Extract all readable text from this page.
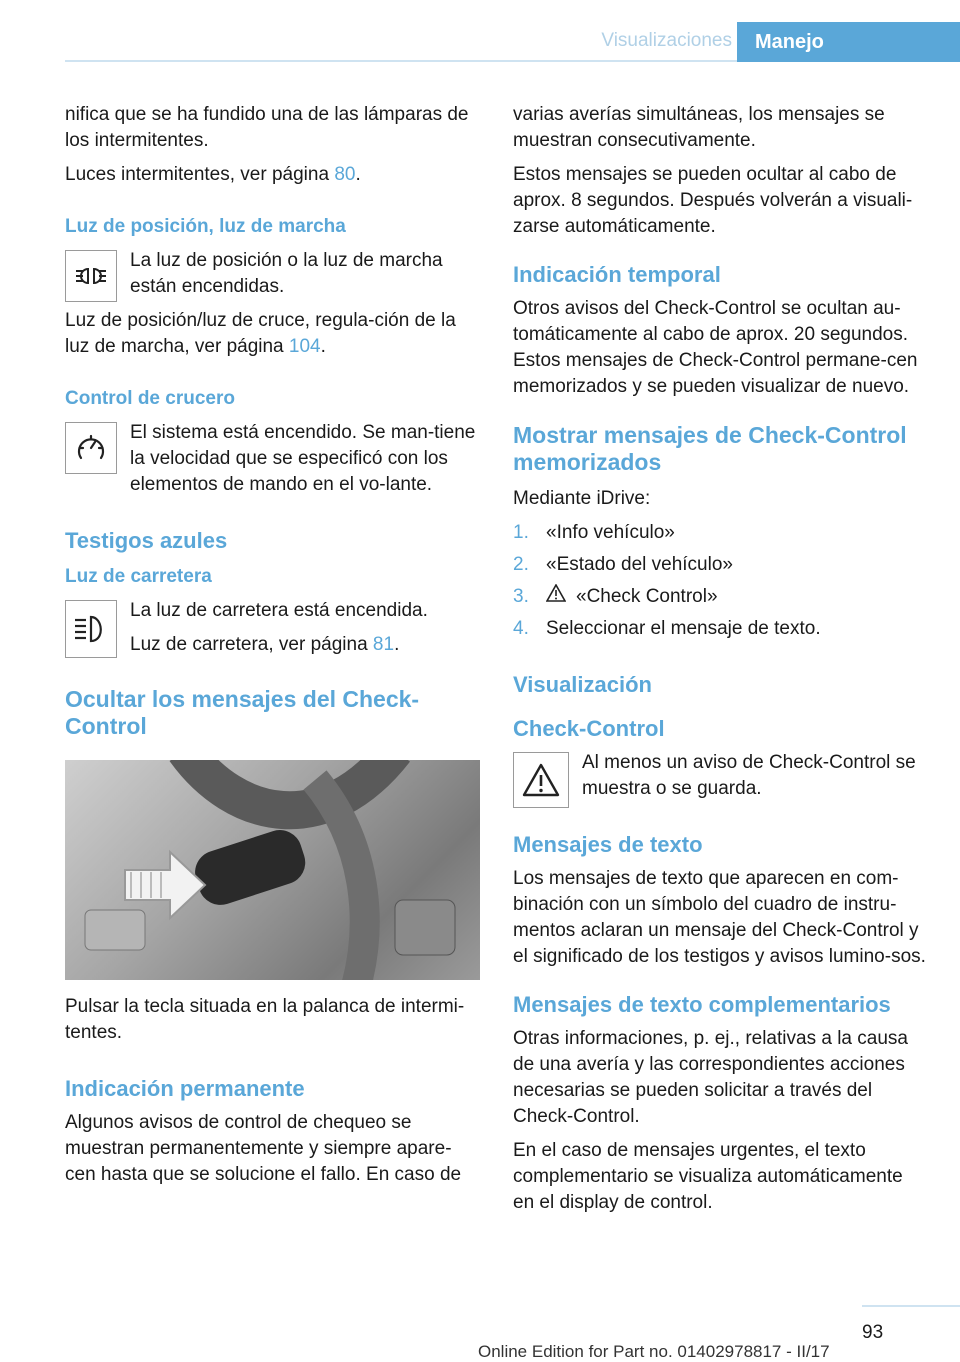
Visualizaciones	Manejo

nifica que se ha fundido una de las lámparas de los intermitentes.

Luces intermitentes, ver página 80.

Luz de posición, luz de marcha

La luz de posición o la luz de marcha están encendidas.

Luz de posición/luz de cruce, regula-ción de la luz de marcha, ver página 104.

Control de crucero

El sistema está encendido. Se man-tiene la velocidad que se especificó con los elementos de mando en el vo-lante.

Testigos azules
Luz de carretera

La luz de carretera está encendida.

Luz de carretera, ver página 81.

Ocultar los mensajes del Check-Control

Pulsar la tecla situada en la palanca de intermi-tentes.

Indicación permanente

Algunos avisos de control de chequeo se muestran permanentemente y siempre apare-cen hasta que se solucione el fallo. En caso de

varias averías simultáneas, los mensajes se muestran consecutivamente.

Estos mensajes se pueden ocultar al cabo de aprox. 8 segundos. Después volverán a visuali-zarse automáticamente.

Indicación temporal

Otros avisos del Check-Control se ocultan au-tomáticamente al cabo de aprox. 20 segundos. Estos mensajes de Check-Control permane-cen memorizados y se pueden visualizar de nuevo.

Mostrar mensajes de Check-Control memorizados

Mediante iDrive:

1. «Info vehículo»
2. «Estado del vehículo»
3.	«Check Control»
4. Seleccionar el mensaje de texto.
Visualización
Check-Control

Al menos un aviso de Check-Control se muestra o se guarda.

Mensajes de texto

Los mensajes de texto que aparecen en com-binación con un símbolo del cuadro de instru-mentos aclaran un mensaje del Check-Control y el significado de los testigos y avisos lumino-sos.

Mensajes de texto complementarios

Otras informaciones, p. ej., relativas a la causa de una avería y las correspondientes acciones necesarias se pueden solicitar a través del Check-Control.

En el caso de mensajes urgentes, el texto complementario se visualiza automáticamente en el display de control.

93
Online Edition for Part no. 01402978817 - II/17
